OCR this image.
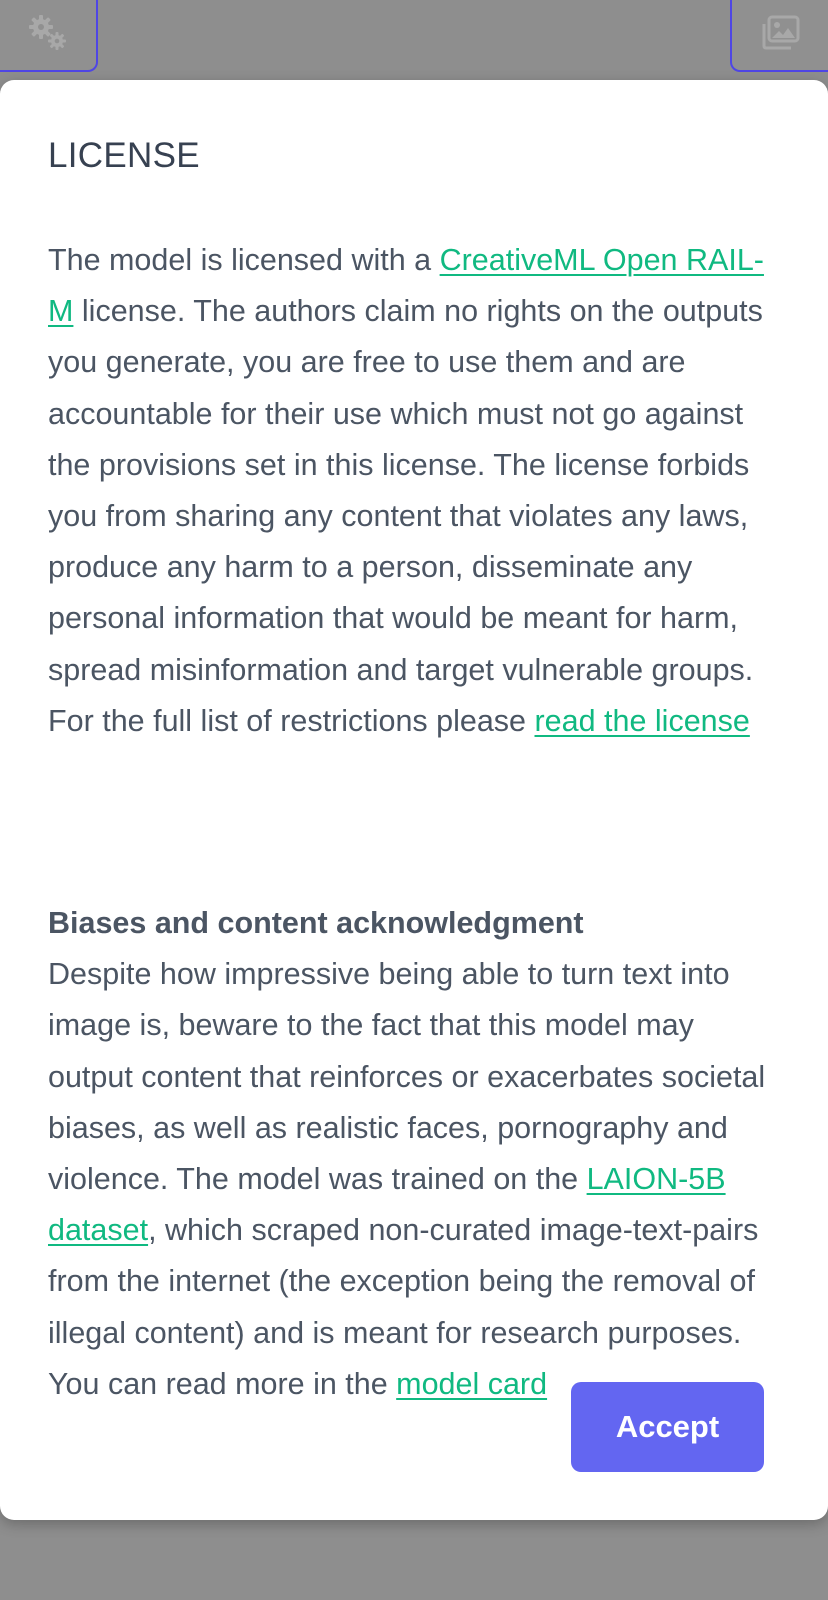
LICENSE

The model is licensed with a CreativeML Open RAIL-M license. The authors claim no rights on the outputs you generate, you are free to use them and are accountable for their use which must not go against the provisions set in this license. The license forbids you from sharing any content that violates any laws, produce any harm to a person, disseminate any personal information that would be meant for harm, spread misinformation and target vulnerable groups. For the full list of restrictions please read the license

Biases and content acknowledgment

Despite how impressive being able to turn text into image is, beware to the fact that this model may output content that reinforces or exacerbates societal biases, as well as realistic faces, pornography and violence. The model was trained on the LAION-5B dataset, which scraped non-curated image-text-pairs from the internet (the exception being the removal of illegal content) and is meant for research purposes. You can read more in the model card

Accept
